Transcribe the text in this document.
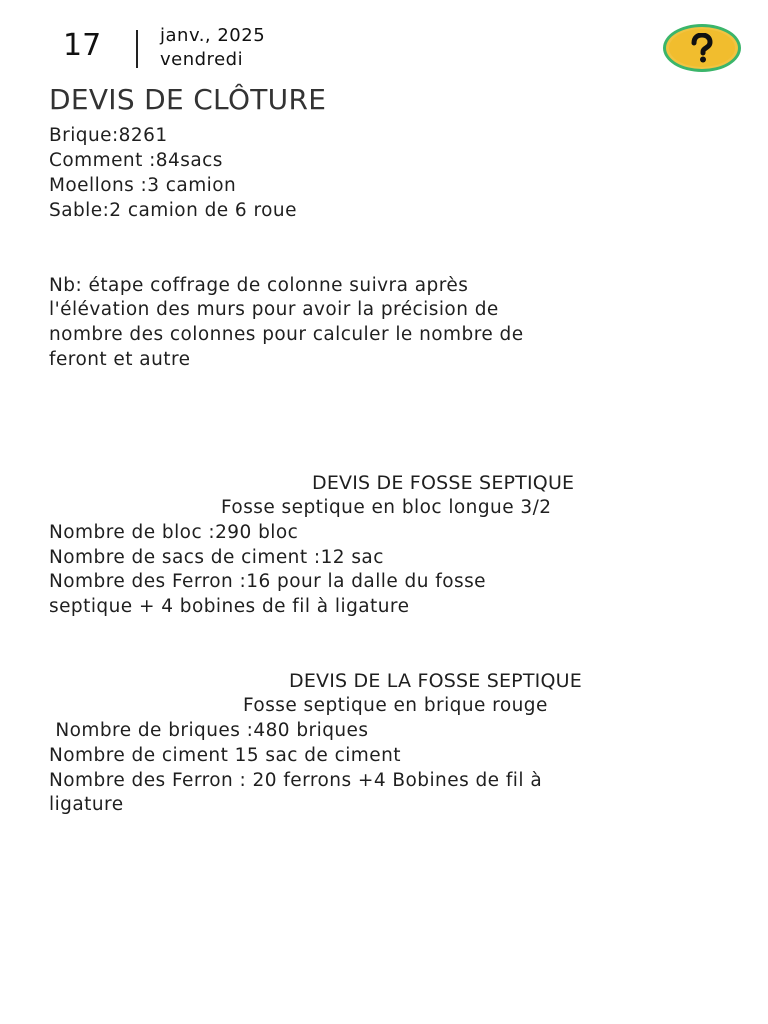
17	janv., 2025
vendredi
DEVIS DE CLÔTURE
Brique:8261
Comment :84sacs
Moellons :3 camion
Sable:2 camion de 6 roue
Nb: étape coffrage de colonne suivra après
l'élévation des murs pour avoir la précision de
nombre des colonnes pour calculer le nombre de
feront et autre
DEVIS DE FOSSE SEPTIQUE
Fosse septique en bloc longue 3/2
Nombre de bloc :290 bloc
Nombre de sacs de ciment :12 sac
Nombre des Ferron :16 pour la dalle du fosse
septique + 4 bobines de fil à ligature
DEVIS DE LA FOSSE SEPTIQUE
Fosse septique en brique rouge
Nombre de briques :480 briques
Nombre de ciment 15 sac de ciment
Nombre des Ferron : 20 ferrons +4 Bobines de fil à
ligature
